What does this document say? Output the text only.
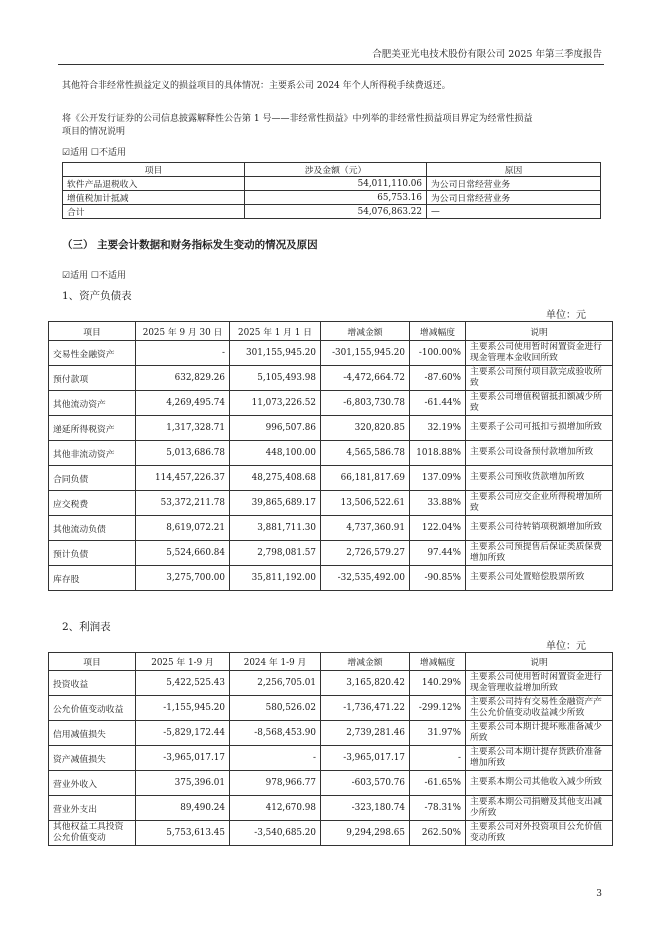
合肥美亚光电技术股份有限公司 2025 年第三季度报告
其他符合非经常性损益定义的损益项目的具体情况：主要系公司 2024 年个人所得税手续费返还。
将《公开发行证券的公司信息披露解释性公告第 1 号——非经常性损益》中列举的非经常性损益项目界定为经常性损益
项目的情况说明
☑适用 ☐不适用
项目	涉及金额（元）	原因
软件产品退税收入	54,011,110.06	为公司日常经营业务
增值税加计抵减	65,753.16	为公司日常经营业务
合计	54,076,863.22	—
（三） 主要会计数据和财务指标发生变动的情况及原因
☑适用 ☐不适用
1、资产负债表
单位：元
项目	2025 年 9 月 30 日	2025 年 1 月 1 日	增减金额	增减幅度	说明
交易性金融资产	-	301,155,945.20	-301,155,945.20	-100.00%	主要系公司使用暂时闲置资金进行现金管理本金收回所致
预付款项	632,829.26	5,105,493.98	-4,472,664.72	-87.60%	主要系公司预付项目款完成验收所致
其他流动资产	4,269,495.74	11,073,226.52	-6,803,730.78	-61.44%	主要系公司增值税留抵扣额减少所致
递延所得税资产	1,317,328.71	996,507.86	320,820.85	32.19%	主要系子公司可抵扣亏损增加所致
其他非流动资产	5,013,686.78	448,100.00	4,565,586.78	1018.88%	主要系公司设备预付款增加所致
合同负债	114,457,226.37	48,275,408.68	66,181,817.69	137.09%	主要系公司预收货款增加所致
应交税费	53,372,211.78	39,865,689.17	13,506,522.61	33.88%	主要系公司应交企业所得税增加所致
其他流动负债	8,619,072.21	3,881,711.30	4,737,360.91	122.04%	主要系公司待转销项税额增加所致
预计负债	5,524,660.84	2,798,081.57	2,726,579.27	97.44%	主要系公司预提售后保证类质保费增加所致
库存股	3,275,700.00	35,811,192.00	-32,535,492.00	-90.85%	主要系公司处置赔偿股票所致
2、利润表
单位：元
项目	2025 年 1-9 月	2024 年 1-9 月	增减金额	增减幅度	说明
投资收益	5,422,525.43	2,256,705.01	3,165,820.42	140.29%	主要系公司使用暂时闲置资金进行现金管理收益增加所致
公允价值变动收益	-1,155,945.20	580,526.02	-1,736,471.22	-299.12%	主要系公司持有交易性金融资产产生公允价值变动收益减少所致
信用减值损失	-5,829,172.44	-8,568,453.90	2,739,281.46	31.97%	主要系公司本期计提坏账准备减少所致
资产减值损失	-3,965,017.17	-	-3,965,017.17	-	主要系公司本期计提存货跌价准备增加所致
营业外收入	375,396.01	978,966.77	-603,570.76	-61.65%	主要系本期公司其他收入减少所致
营业外支出	89,490.24	412,670.98	-323,180.74	-78.31%	主要系本期公司捐赠及其他支出减少所致
其他权益工具投资公允价值变动	5,753,613.45	-3,540,685.20	9,294,298.65	262.50%	主要系公司对外投资项目公允价值变动所致
3
